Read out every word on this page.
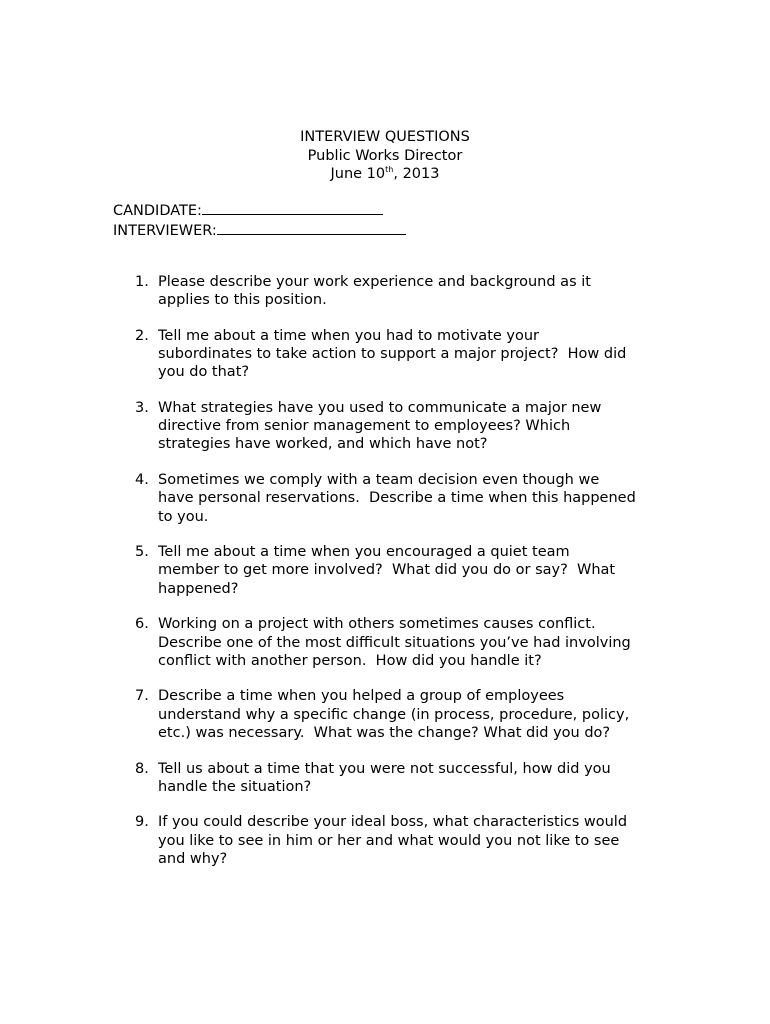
INTERVIEW QUESTIONS
Public Works Director
June 10th, 2013
CANDIDATE:
INTERVIEWER:
1. Please describe your work experience and background as it
applies to this position.
2. Tell me about a time when you had to motivate your
subordinates to take action to support a major project?  How did
you do that?
3. What strategies have you used to communicate a major new
directive from senior management to employees? Which
strategies have worked, and which have not?
4. Sometimes we comply with a team decision even though we
have personal reservations.  Describe a time when this happened
to you.
5. Tell me about a time when you encouraged a quiet team
member to get more involved?  What did you do or say?  What
happened?
6. Working on a project with others sometimes causes conflict.
Describe one of the most difficult situations you’ve had involving
conflict with another person.  How did you handle it?
7. Describe a time when you helped a group of employees
understand why a specific change (in process, procedure, policy,
etc.) was necessary.  What was the change? What did you do?
8. Tell us about a time that you were not successful, how did you
handle the situation?
9. If you could describe your ideal boss, what characteristics would
you like to see in him or her and what would you not like to see
and why?
